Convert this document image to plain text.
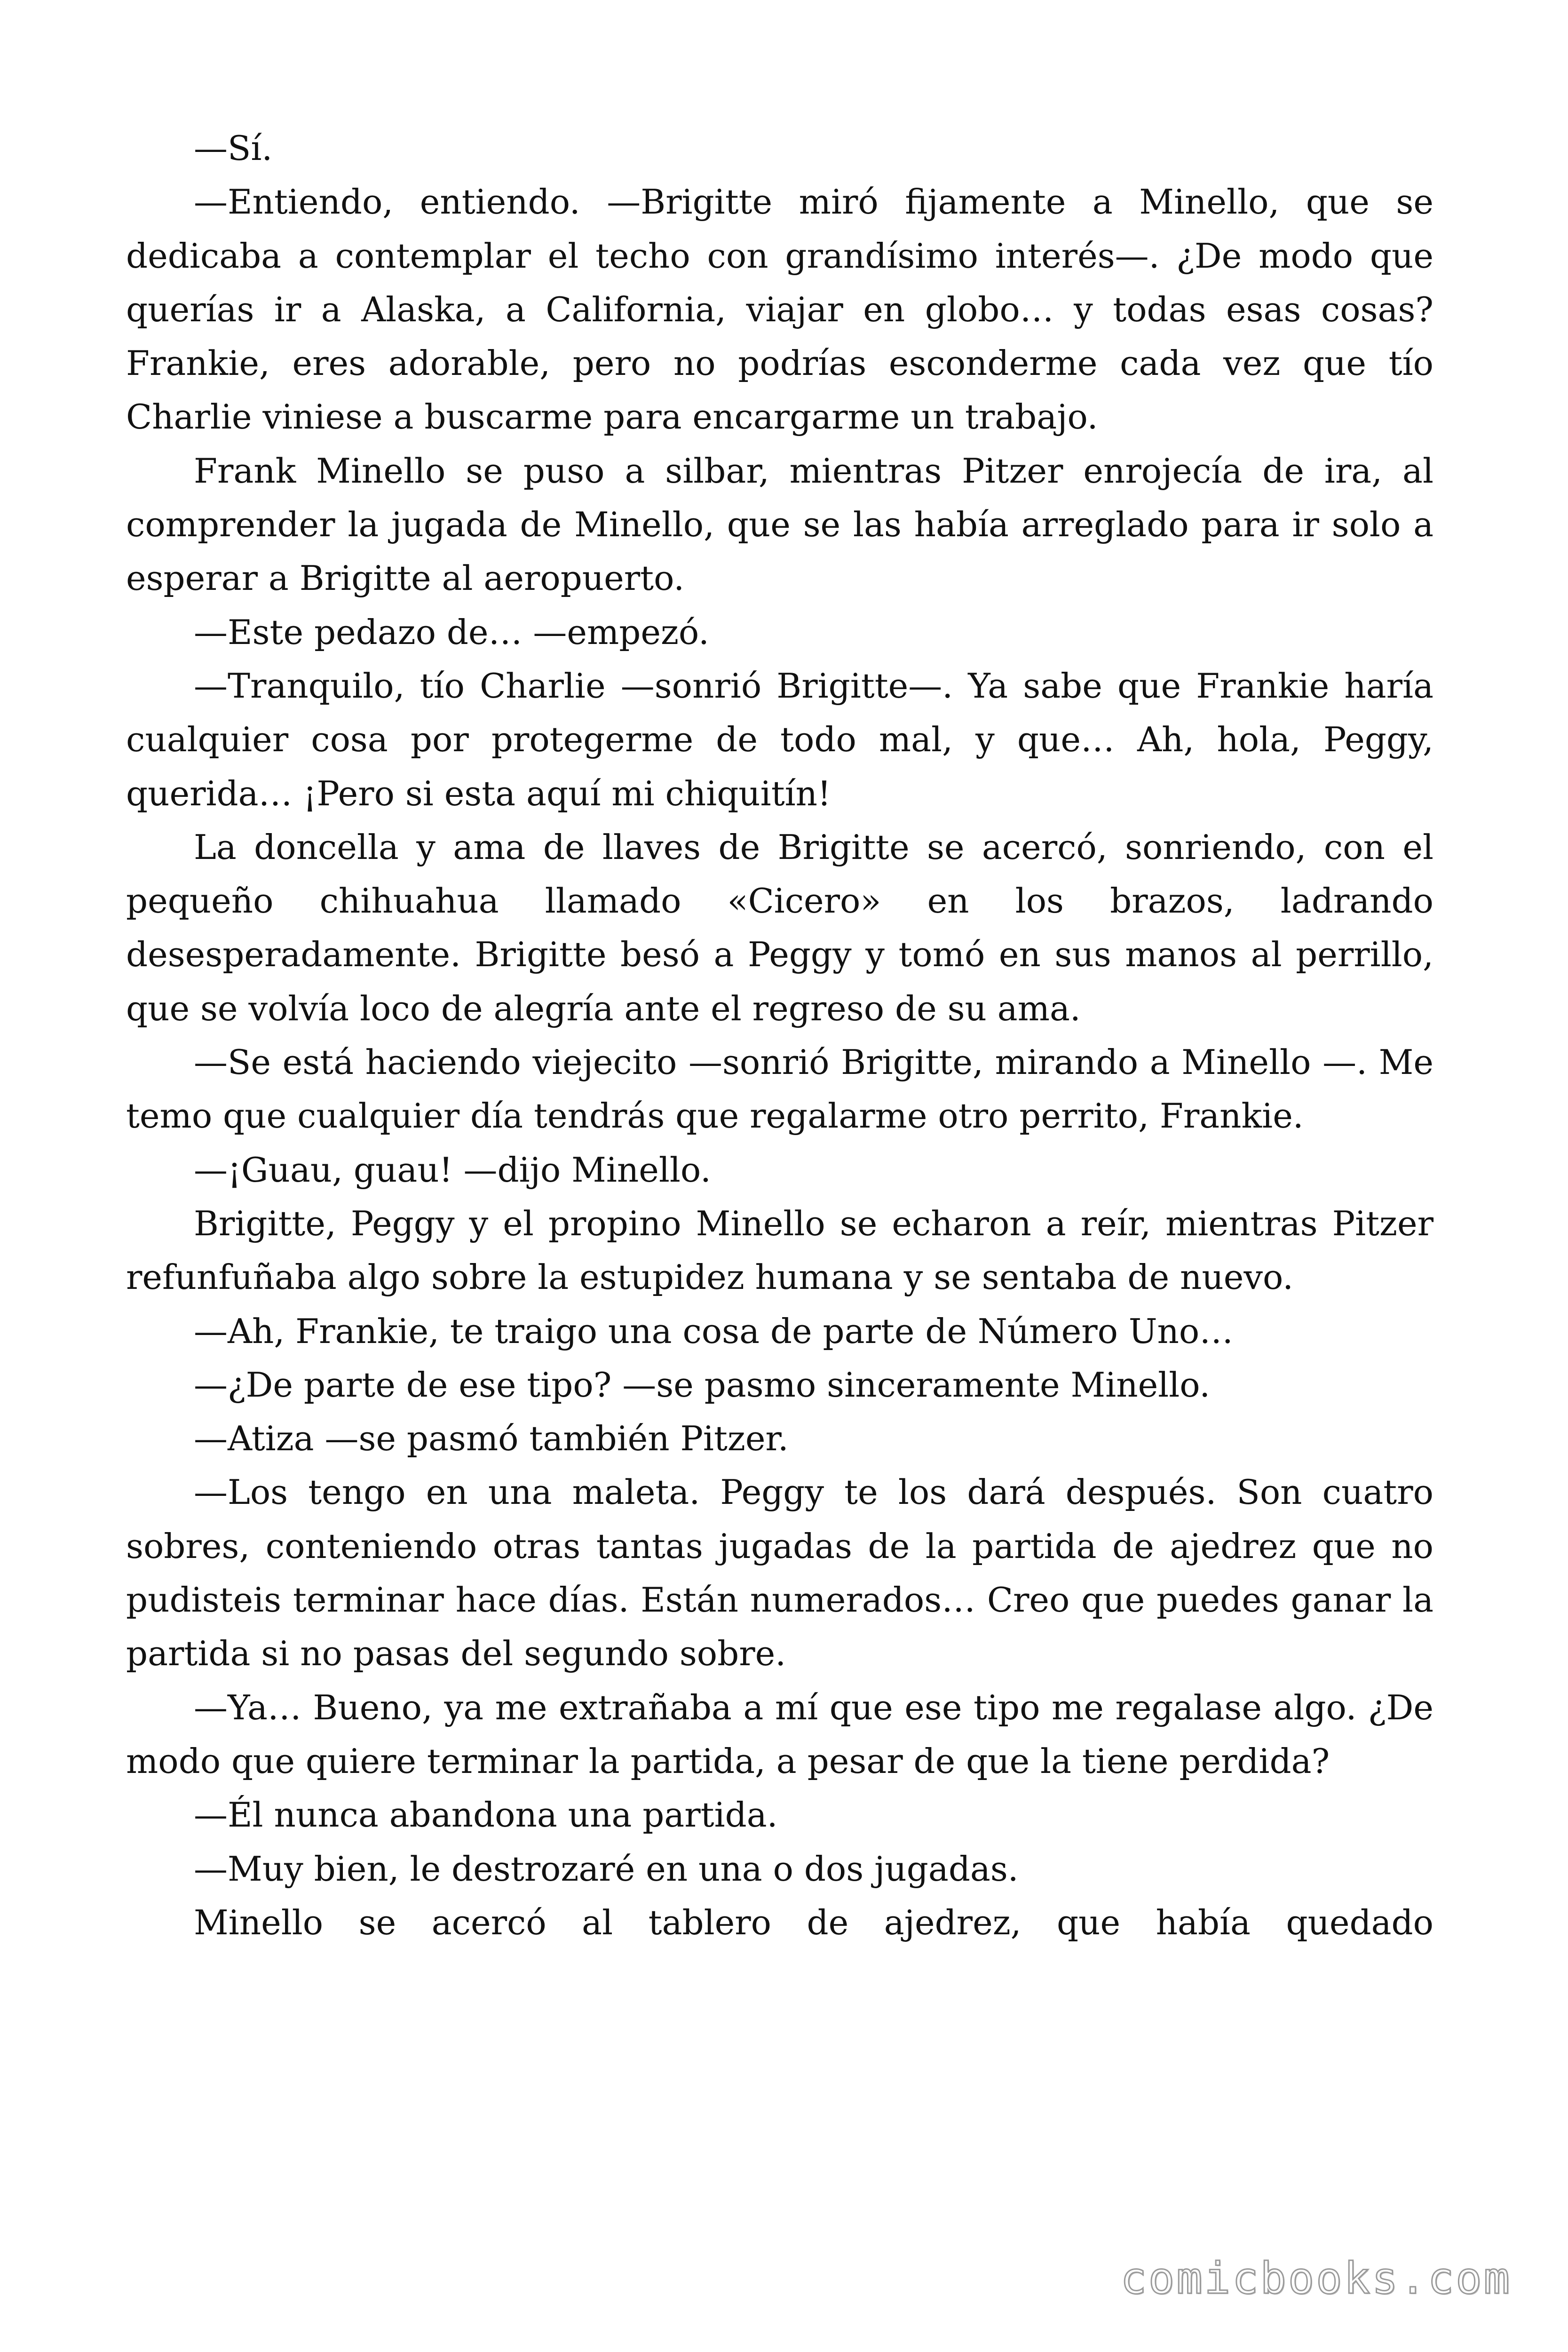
—Sí.

—Entiendo, entiendo. —Brigitte miró fijamente a Minello, que se dedicaba a contemplar el techo con grandísimo interés—. ¿De modo que querías ir a Alaska, a California, viajar en globo… y todas esas cosas? Frankie, eres adorable, pero no podrías esconderme cada vez que tío Charlie viniese a buscarme para encargarme un trabajo.

Frank Minello se puso a silbar, mientras Pitzer enrojecía de ira, al comprender la jugada de Minello, que se las había arreglado para ir solo a esperar a Brigitte al aeropuerto.

—Este pedazo de… —empezó.

—Tranquilo, tío Charlie —sonrió Brigitte—. Ya sabe que Frankie haría cualquier cosa por protegerme de todo mal, y que… Ah, hola, Peggy, querida… ¡Pero si esta aquí mi chiquitín!

La doncella y ama de llaves de Brigitte se acercó, sonriendo, con el pequeño chihuahua llamado «Cicero» en los brazos, ladrando desesperadamente. Brigitte besó a Peggy y tomó en sus manos al perrillo, que se volvía loco de alegría ante el regreso de su ama.

—Se está haciendo viejecito —sonrió Brigitte, mirando a Minello —. Me temo que cualquier día tendrás que regalarme otro perrito, Frankie.

—¡Guau, guau! —dijo Minello.

Brigitte, Peggy y el propino Minello se echaron a reír, mientras Pitzer refunfuñaba algo sobre la estupidez humana y se sentaba de nuevo.

—Ah, Frankie, te traigo una cosa de parte de Número Uno…

—¿De parte de ese tipo? —se pasmo sinceramente Minello.

—Atiza —se pasmó también Pitzer.

—Los tengo en una maleta. Peggy te los dará después. Son cuatro sobres, conteniendo otras tantas jugadas de la partida de ajedrez que no pudisteis terminar hace días. Están numerados… Creo que puedes ganar la partida si no pasas del segundo sobre.

—Ya… Bueno, ya me extrañaba a mí que ese tipo me regalase algo. ¿De modo que quiere terminar la partida, a pesar de que la tiene perdida?

—Él nunca abandona una partida.

—Muy bien, le destrozaré en una o dos jugadas.

Minello se acercó al tablero de ajedrez, que había quedado

comicbooks.com
